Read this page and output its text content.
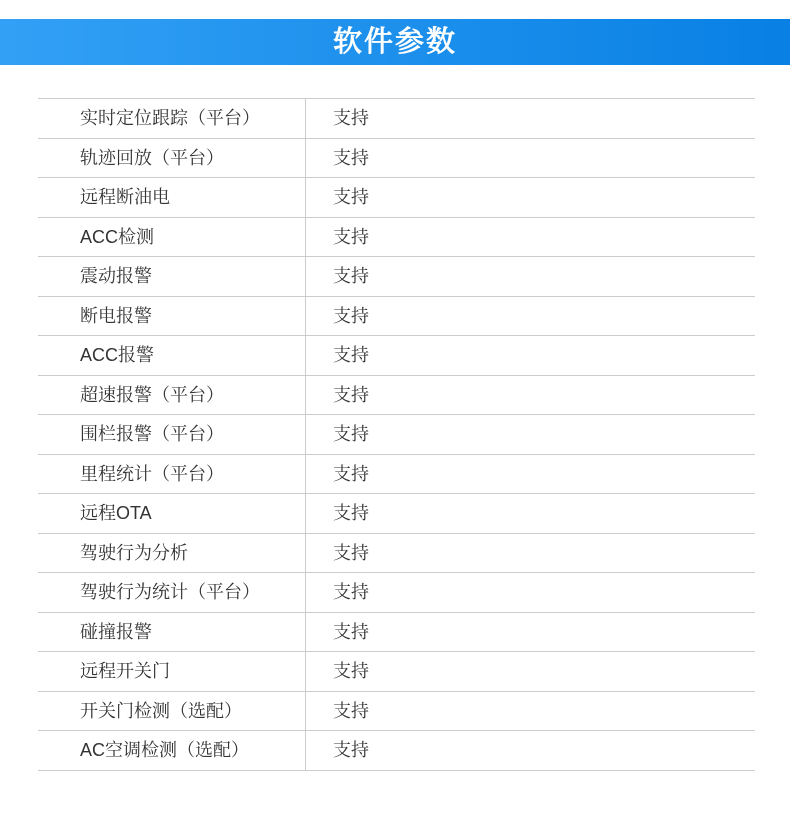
软件参数
实时定位跟踪（平台）	支持
轨迹回放（平台）	支持
远程断油电	支持
ACC检测	支持
震动报警	支持
断电报警	支持
ACC报警	支持
超速报警（平台）	支持
围栏报警（平台）	支持
里程统计（平台）	支持
远程OTA	支持
驾驶行为分析	支持
驾驶行为统计（平台）	支持
碰撞报警	支持
远程开关门	支持
开关门检测（选配）	支持
AC空调检测（选配）	支持
